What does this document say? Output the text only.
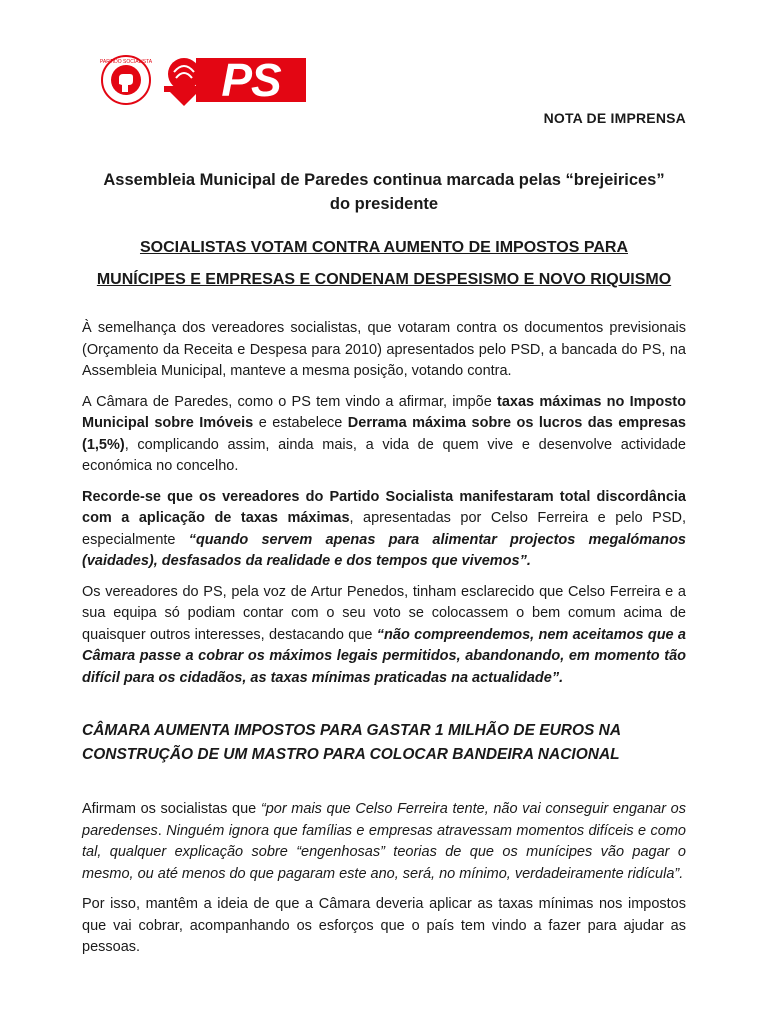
PARTIDO SOCIALISTA	PS
NOTA DE IMPRENSA
Assembleia Municipal de Paredes continua marcada pelas “brejeirices” do presidente
SOCIALISTAS VOTAM CONTRA AUMENTO DE IMPOSTOS PARA MUNÍCIPES E EMPRESAS E CONDENAM DESPESISMO E NOVO RIQUISMO

À semelhança dos vereadores socialistas, que votaram contra os documentos previsionais (Orçamento da Receita e Despesa para 2010) apresentados pelo PSD, a bancada do PS, na Assembleia Municipal, manteve a mesma posição, votando contra.

A Câmara de Paredes, como o PS tem vindo a afirmar, impõe taxas máximas no Imposto Municipal sobre Imóveis e estabelece Derrama máxima sobre os lucros das empresas (1,5%), complicando assim, ainda mais, a vida de quem vive e desenvolve actividade económica no concelho.

Recorde-se que os vereadores do Partido Socialista manifestaram total discordância com a aplicação de taxas máximas, apresentadas por Celso Ferreira e pelo PSD, especialmente “quando servem apenas para alimentar projectos megalómanos (vaidades), desfasados da realidade e dos tempos que vivemos”.

Os vereadores do PS, pela voz de Artur Penedos, tinham esclarecido que Celso Ferreira e a sua equipa só podiam contar com o seu voto se colocassem o bem comum acima de quaisquer outros interesses, destacando que “não compreendemos, nem aceitamos que a Câmara passe a cobrar os máximos legais permitidos, abandonando, em momento tão difícil para os cidadãos, as taxas mínimas praticadas na actualidade”.

CÂMARA AUMENTA IMPOSTOS PARA GASTAR 1 MILHÃO DE EUROS NA CONSTRUÇÃO DE UM MASTRO PARA COLOCAR BANDEIRA NACIONAL

Afirmam os socialistas que “por mais que Celso Ferreira tente, não vai conseguir enganar os paredenses. Ninguém ignora que famílias e empresas atravessam momentos difíceis e como tal, qualquer explicação sobre “engenhosas” teorias de que os munícipes vão pagar o mesmo, ou até menos do que pagaram este ano, será, no mínimo, verdadeiramente ridícula”.

Por isso, mantêm a ideia de que a Câmara deveria aplicar as taxas mínimas nos impostos que vai cobrar, acompanhando os esforços que o país tem vindo a fazer para ajudar as pessoas.
